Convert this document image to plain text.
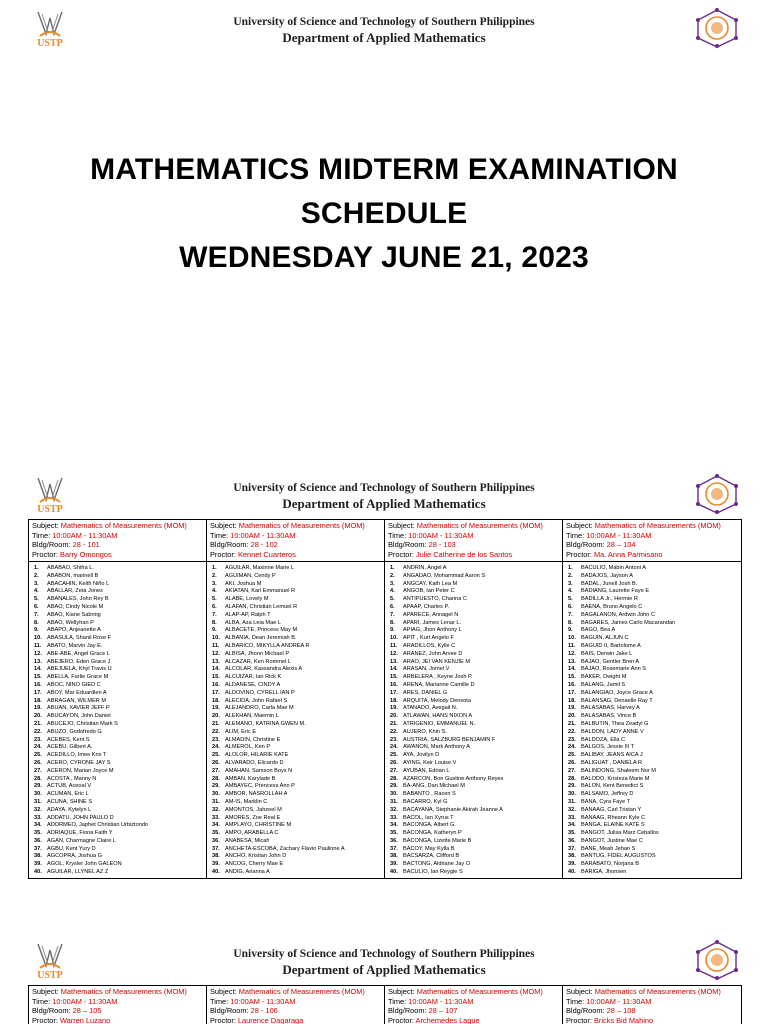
USTP
University of Science and Technology of Southern Philippines
Department of Applied Mathematics
MATHEMATICS MIDTERM EXAMINATION
SCHEDULE
WEDNESDAY JUNE 21, 2023
USTP
University of Science and Technology of Southern Philippines
Department of Applied Mathematics
Subject: Mathematics of Measurements (MOM)
Time: 10:00AM - 11:30AM
Bldg/Room: 28 - 101
Proctor: Barry Omongos
1.	ABABAO, Shifra L.
2.	ABABON, marinell B
3.	ABACAHIN, Keith Niño L
4.	ABALLAR, Zeta Jones
5.	ABANALES, John Rey B
6.	ABAO, Cindy Nicole M
7.	ABAO, Kiane Sabring
8.	ABAO, Wellyhan P
9.	ABAPO, Anjeanette A
10. ABASULA, Shanil Rose F
11. ABATO, Marvin Jay E.
12. ABE-ABE, Angel Grace L
13. ABEJERO, Eden Grace J
14. ABEJUELA, Khyl Travis U
15. ABELLA, Farlie Grace M
16. ABOC, NIÑO GIED C
17. ABOY, Mar Eduardlen A
18. ABRAGAN, WILMER M
19. ABUAN, XAVIER JEFF P
20. ABUCAYON, John Daniel
21. ABUCEJO, Christian Mark S
22. ABUZO, Godofredo G
23. ACEBES, Kent S
24. ACEBU, Gilbert A.
25. ACEDILLO, Imee Kris T
26. ACERO, CYRONE JAY S
27. ACERON, Marian Joyce M
28. ACOSTA , Manny N
29. ACTUB, Aceoal V
30. ACUMAN, Eric L
31. ACUÑA, SHINE S
32. ADAYA, Kytelyn L
33. ADDATU, JOHN PAULO D
34. ADORMEO, Japhet Christian Urbiztondo
35. ADRIAQUE, Fiona Faith Y
36. AGAN, Charmagne Claire L
37. AGBU, Kent Yury D
38. AGCOPRA, Joshua G
39. AGOL, Krysler John GALEON
40. AGUILAR, LLYNEL AZ Z
Subject: Mathematics of Measurements (MOM)
Time: 10:00AM - 11:30AM
Bldg/Room: 28 - 102
Proctor: Kennet Cuarteros
1.	AGUILAR, Maxinne Marie L
2.	AGUIMAN, Cendy P
3.	AKI, Joshua M
4.	AKIATAN, Karl Emmanuel R
5.	ALABE, Lovely M
6.	ALAFAN, Christian Lemuel R
7.	ALAP-AP, Ralph T
8.	ALBA, Aza Leia Mae L
9.	ALBACETE, Princess May M
10. ALBANIA, Dean Jeremiah B.
11. ALBARICO, MIKYLLA ANDREA R
12. ALBISA, Jhonn Michael P
13. ALCAZAR, Ken Rommel L
14. ALCOLAR, Kassandra Alexis A
15. ALCUIZAR, Ian Rick K
16. ALDANESE, CINDY A
17. ALDOVINO, CYRELL IAN P
18. ALECIDA, John Rafael S
19. ALEJANDRO, Carla Mae M
20. ALEKHAN, Maemin L
21. ALEMAÑO, KATRINA GWEN M.
22. ALIM, Eric E
23. ALMADIN, Christine E
24. ALMEROL, Ken P
25. ALOLOR, HILARIE KATE
26. ALVARADO, Elicardo D
27. AMAHAN, Samson Boys N
28. AMBAN, Karylade B
29. AMBAYEC, Prencess Ann P
30. AMBOR, NASROLLAH A
31. AM-IS, Marklin C
32. AMONTOS, Jahzeel M
33. AMORES, Zoe Real E
34. AMPLAYO, CHRISTINE M
35. AMPO, ARABELLA C
36. AÑABESA, Micah
37. ANCHETA-ESCOBA, Zachary Flavio Paulinne A
38. ANCHO, Kristian John D
39. ANCOG, Cherry Mae E
40. ANDIG, Arianna A
Subject: Mathematics of Measurements (MOM)
Time: 10:00AM - 11:30AM
Bldg/Room: 28 - 103
Proctor: Julie Catherine de los Santos
1.	ANDRIN, Angel A
2.	ANGADAO, Mohammad Aaron S
3.	ANGCAY, Kath Lea M
4.	ANGOB, Ian Peter C
5.	ANTIPUESTO, Charina C
6.	APAAP, Charles P.
7.	APARECE, Annagel N
8.	APARI, James Lenar L.
9.	APIAG, Jhon Anthony L
10. APIT , Kurt Angelo F
11. ARADILLOS, Kylle C
12. ARAÑEZ, John Arvee D
13. ARAO, JEI VAN KENJIE M
14. ARASAN, Jomel V
15. ARBELERA , Keyne Josh P.
16. AREÑA, Marianne Camille D
17. ARES, DANIEL G
18. ARQUITA, Melody Densota
19. ATANADO, Avegail N.
20. ATLAWAN, HANS NIXON A
21. ATRIGENIO, EMMANUEL N.
22. AUJERO, Khin S.
23. AUSTRIA, SALZBURG BENJAMIN F
24. AWANON, Mark Anthony A
25. AYA, Jovilyn D
26. AYING, Keir Louise V
27. AYUBAN, Edrian L
28. AZARCON, Bon Gustine Anthony Reyes
29. BA-ANG, Dan Michael M
30. BABANTO , Racen S
31. BACARRO, Kyl G
32. BACAYANA, Stephanie Akirah Jeanne A
33. BACOL, Ian Xyrus T
34. BACONGA, Albert G.
35. BACONGA, Katheryn P
36. BACONGA, Lizette Marie B
37. BACOY, May Kylla B
38. BACSARZA, Clifford B
39. BACTONG, Aldriane Jay O
40. BACULIO, Ian Reygie S
Subject: Mathematics of Measurements (MOM)
Time: 10:00AM - 11:30AM
Bldg/Room: 28 – 104
Proctor: Ma. Anna Parmisano
1.	BACULIO, Mabin Antoni A
2.	BADAJOS, Jayson A
3.	BADAL, Junell Josh B.
4.	BADIANG, Laurette Faye E
5.	BADILLA Jr., Hermie R
6.	BAENA, Bruno Angelo C
7.	BAGALANON, Ardwin John C
8.	BAGARES, James Carlo Macarandan
9.	BAGO, Bea A
10. BAGUIN, ALJUN C
11. BAGUID II, Bartolome A
12. BAIS, Derwin Jake L
13. BAJAO, Gentler Bren A
14. BAJAO, Rosemarie Ann S
15. BAKER, Dwight M
16. BALANG, Jamil S
17. BALANGIAO, Joyce Grace A
18. BALANSAG, Denaelle Ray T
19. BALASABAS, Harvey A
20. BALASABAS, Vince B
21. BALBUTIN, Thea Zeadyl G
22. BALDON, LADY ANNE V
23. BALDOZA, Ella C
24. BALGOS, Jessie III T
25. BALIBAY, JEANS AICA J
26. BALIGUAT , DANIELA R
27. BALINDONG, Shaleem Nor M
28. BALODO, Kristeza Marie M
29. BALON, Kent Benedict S
30. BALSAMO, Jeffrey D
31. BANA, Cyra Faye T
32. BANAAG, Carl Tristan Y
33. BANAAG, Rheann Kyle C
34. BANGA, ELAINE KATE S
35. BANGOT, Julisa Marz Ceballos
36. BANGOT, Justine Mae C
37. BANE, Meah Jehan S
38. BANTUG, FIDEL AUGUSTOS
39. BARABATO, Norjana B
40. BARIGA, Jhonsen
USTP
University of Science and Technology of Southern Philippines
Department of Applied Mathematics
Subject: Mathematics of Measurements (MOM)
Time: 10:00AM - 11:30AM
Bldg/Room: 28 – 105
Proctor: Warren Luzano
Subject: Mathematics of Measurements (MOM)
Time: 10:00AM - 11:30AM
Bldg/Room: 28 - 106
Proctor: Laurence Dagaraga
Subject: Mathematics of Measurements (MOM)
Time: 10:00AM - 11:30AM
Bldg/Room: 28 – 107
Proctor: Archemedes Lague
Subject: Mathematics of Measurements (MOM)
Time: 10:00AM - 11:30AM
Bldg/Room: 28 – 108
Proctor: Bricks Bid Mahino
